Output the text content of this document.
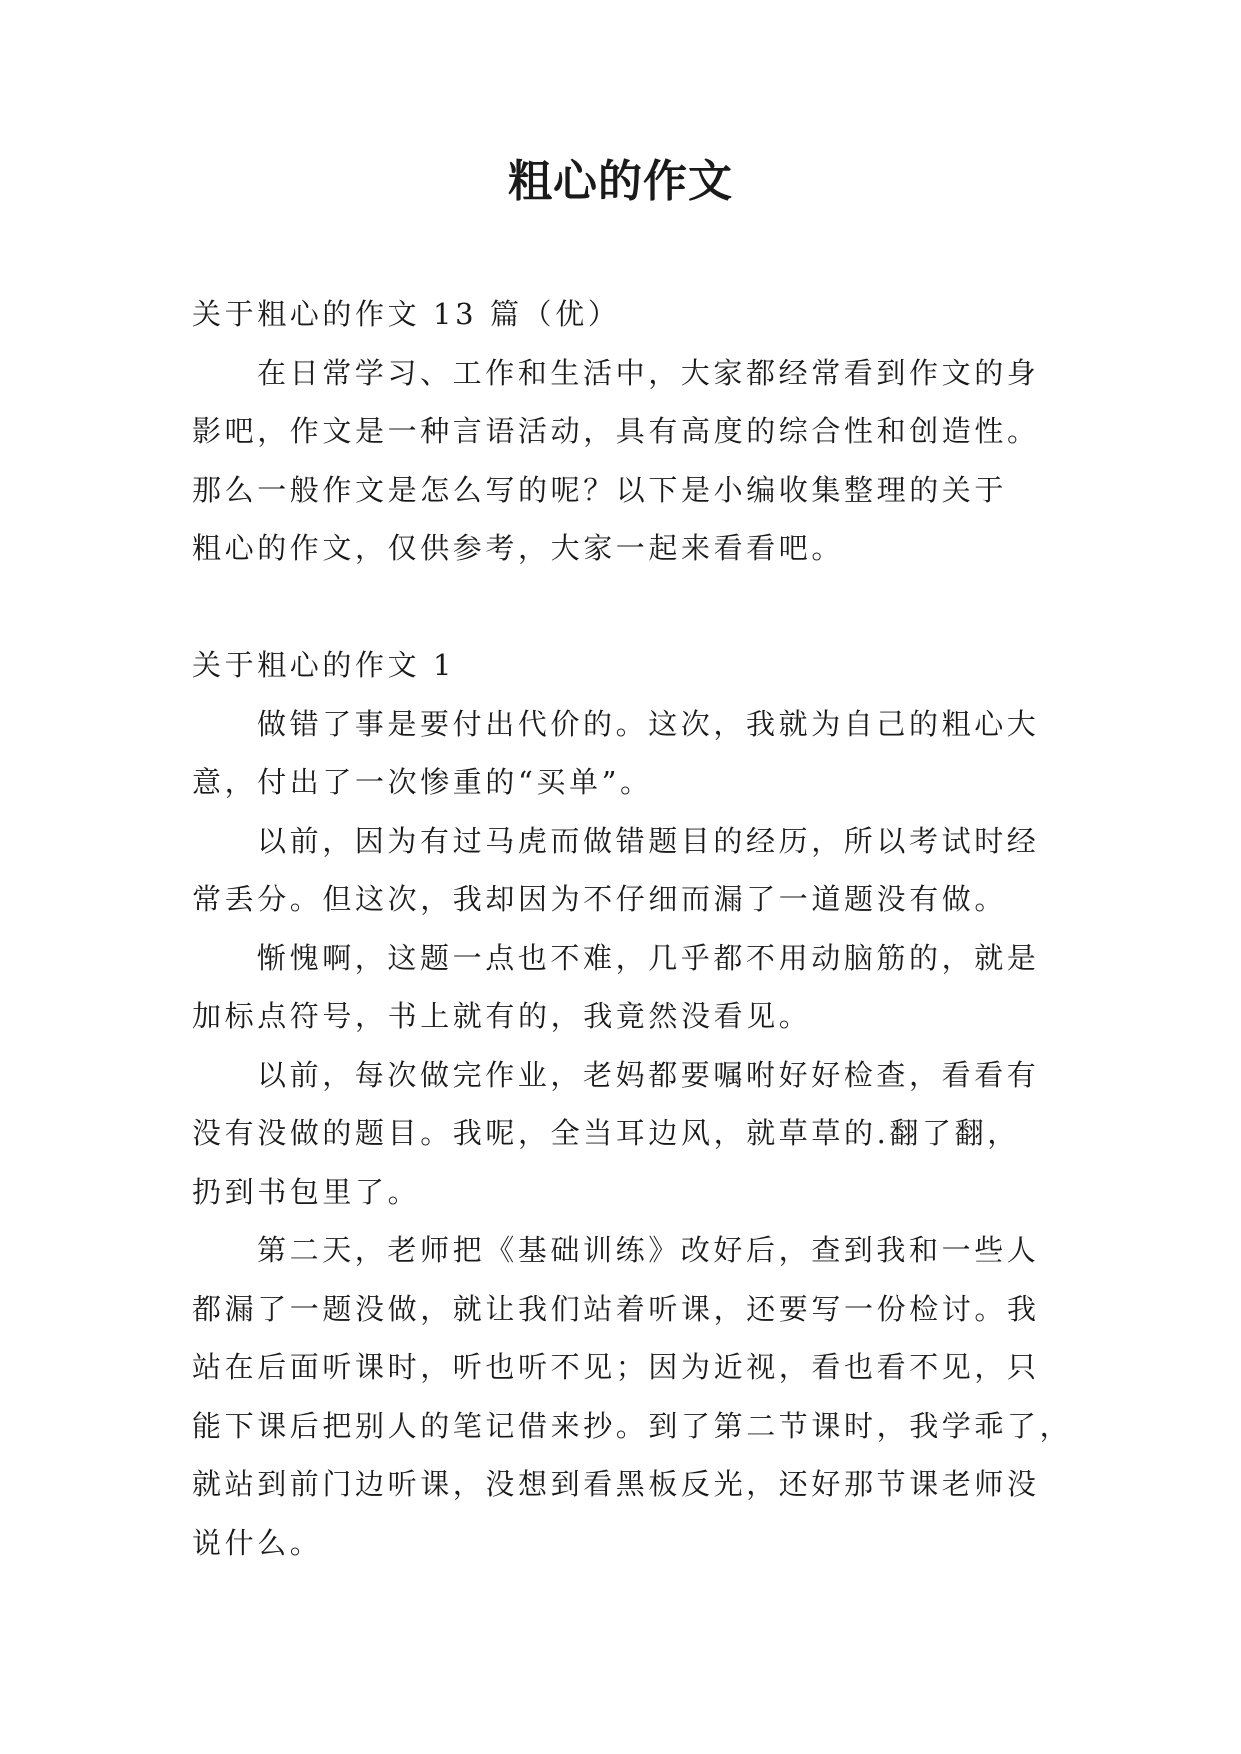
粗心的作文
关于粗心的作文 13 篇（优）
在日常学习、工作和生活中，大家都经常看到作文的身
影吧，作文是一种言语活动，具有高度的综合性和创造性。
那么一般作文是怎么写的呢？以下是小编收集整理的关于
粗心的作文，仅供参考，大家一起来看看吧。
关于粗心的作文 1
做错了事是要付出代价的。这次，我就为自己的粗心大
意，付出了一次惨重的“买单”。
以前，因为有过马虎而做错题目的经历，所以考试时经
常丢分。但这次，我却因为不仔细而漏了一道题没有做。
惭愧啊，这题一点也不难，几乎都不用动脑筋的，就是
加标点符号，书上就有的，我竟然没看见。
以前，每次做完作业，老妈都要嘱咐好好检查，看看有
没有没做的题目。我呢，全当耳边风，就草草的.翻了翻，
扔到书包里了。
第二天，老师把《基础训练》改好后，查到我和一些人
都漏了一题没做，就让我们站着听课，还要写一份检讨。我
站在后面听课时，听也听不见；因为近视，看也看不见，只
能下课后把别人的笔记借来抄。到了第二节课时，我学乖了，
就站到前门边听课，没想到看黑板反光，还好那节课老师没
说什么。
